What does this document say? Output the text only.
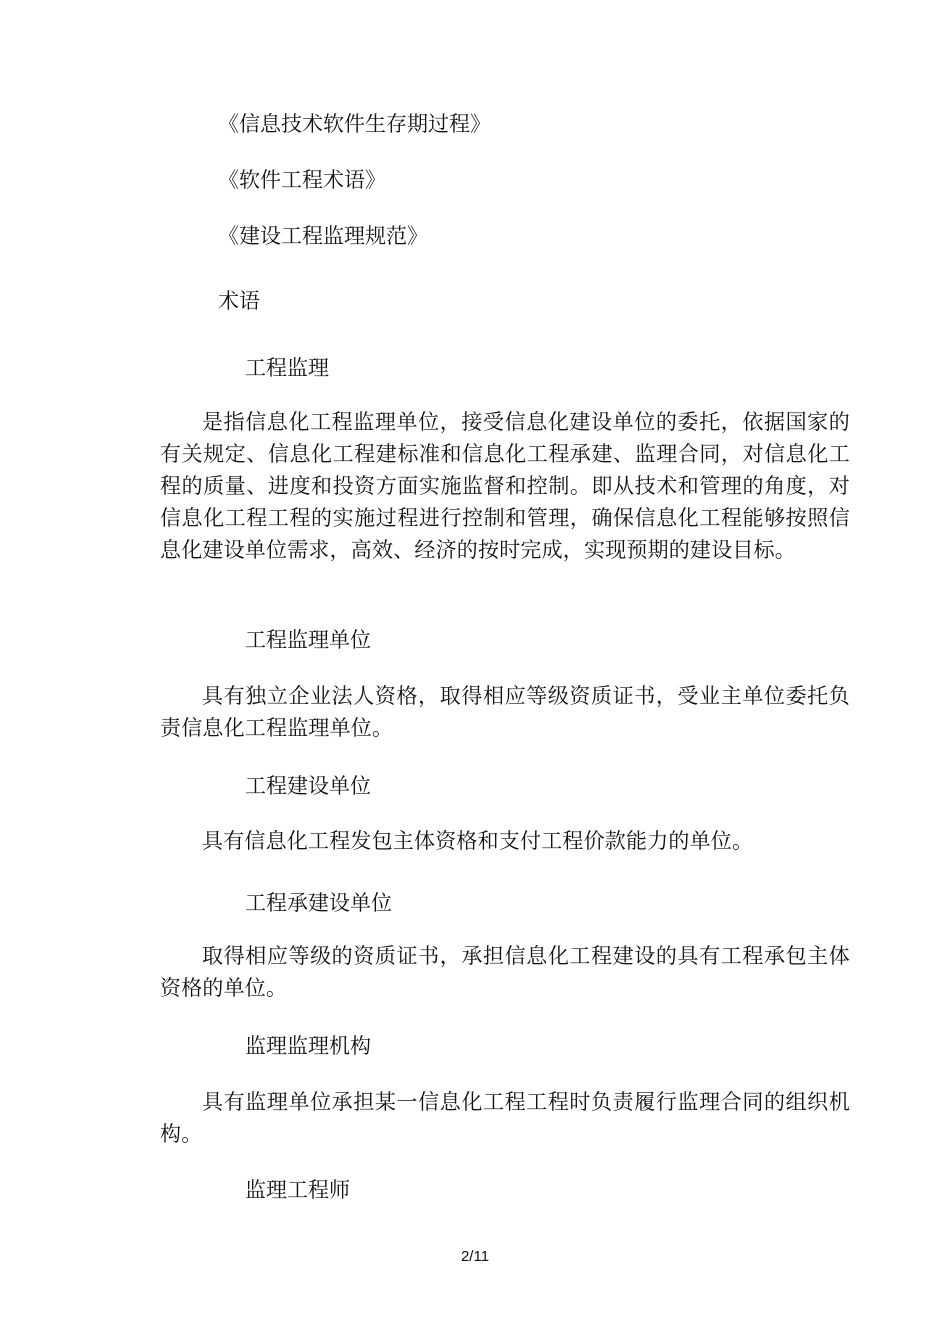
《信息技术软件生存期过程》

《软件工程术语》

《建设工程监理规范》

术语

工程监理

是指信息化工程监理单位，接受信息化建设单位的委托，依据国家的有关规定、信息化工程建标准和信息化工程承建、监理合同，对信息化工程的质量、进度和投资方面实施监督和控制。即从技术和管理的角度，对信息化工程工程的实施过程进行控制和管理，确保信息化工程能够按照信息化建设单位需求，高效、经济的按时完成，实现预期的建设目标。

工程监理单位

具有独立企业法人资格，取得相应等级资质证书，受业主单位委托负责信息化工程监理单位。

工程建设单位

具有信息化工程发包主体资格和支付工程价款能力的单位。

工程承建设单位

取得相应等级的资质证书，承担信息化工程建设的具有工程承包主体资格的单位。

监理监理机构

具有监理单位承担某一信息化工程工程时负责履行监理合同的组织机构。

监理工程师

2/11
